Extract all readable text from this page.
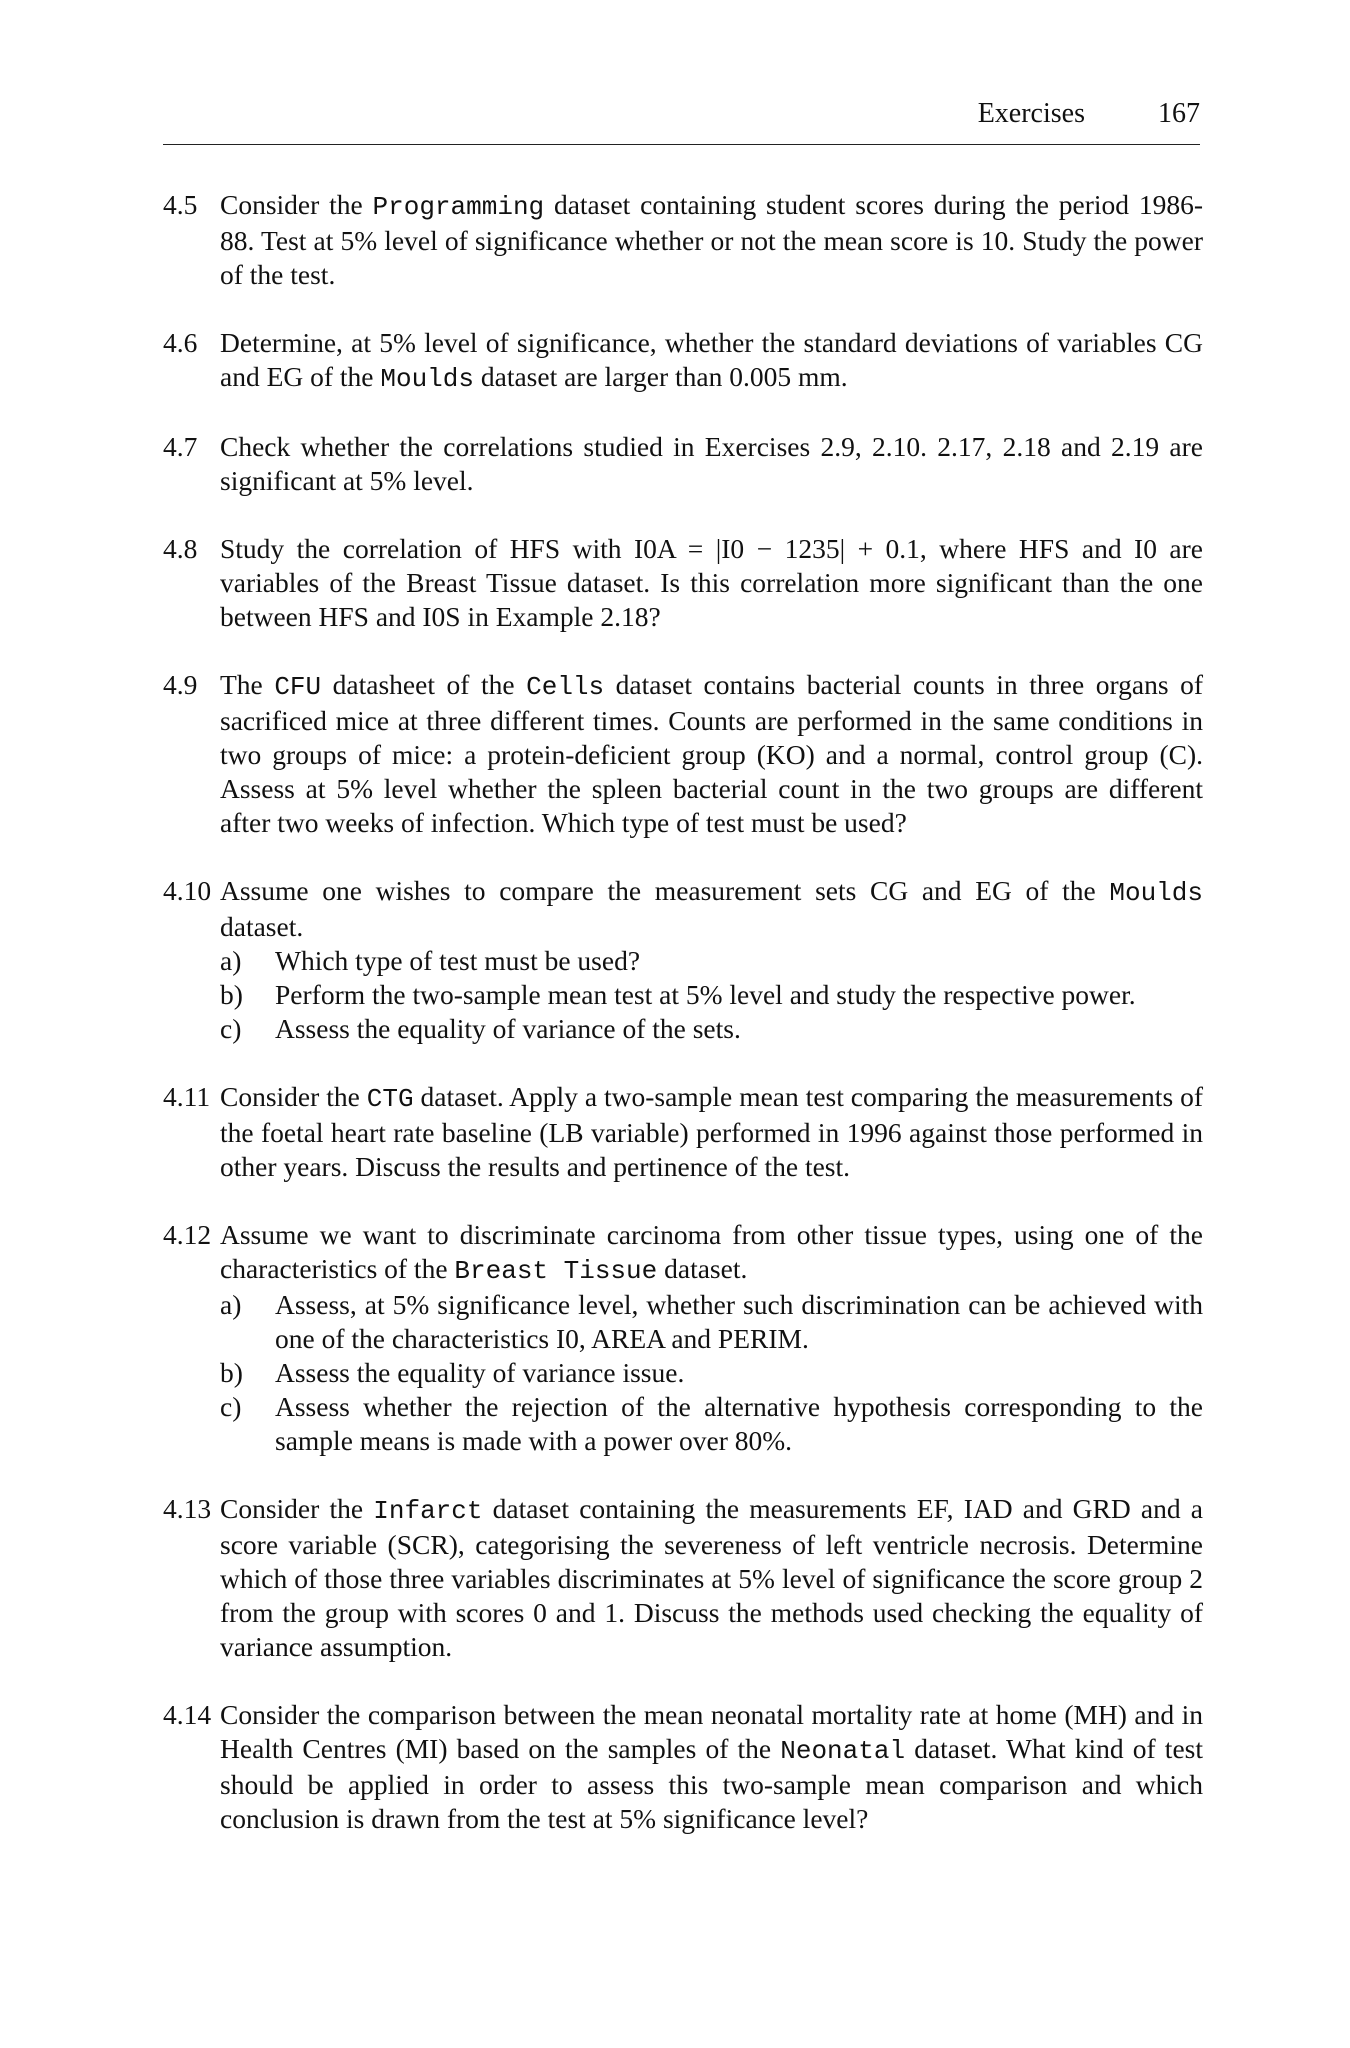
Exercises	167
4.5 Consider the Programming dataset containing student scores during the period 1986-88. Test at 5% level of significance whether or not the mean score is 10. Study the power of the test.
4.6 Determine, at 5% level of significance, whether the standard deviations of variables CG and EG of the Moulds dataset are larger than 0.005 mm.
4.7 Check whether the correlations studied in Exercises 2.9, 2.10. 2.17, 2.18 and 2.19 are significant at 5% level.
4.8 Study the correlation of HFS with I0A = |I0 − 1235| + 0.1, where HFS and I0 are variables of the Breast Tissue dataset. Is this correlation more significant than the one between HFS and I0S in Example 2.18?
4.9 The CFU datasheet of the Cells dataset contains bacterial counts in three organs of sacrificed mice at three different times. Counts are performed in the same conditions in two groups of mice: a protein-deficient group (KO) and a normal, control group (C). Assess at 5% level whether the spleen bacterial count in the two groups are different after two weeks of infection. Which type of test must be used?
4.10 Assume one wishes to compare the measurement sets CG and EG of the Moulds dataset.
a) Which type of test must be used?
b) Perform the two-sample mean test at 5% level and study the respective power.
c) Assess the equality of variance of the sets.
4.11 Consider the CTG dataset. Apply a two-sample mean test comparing the measurements of the foetal heart rate baseline (LB variable) performed in 1996 against those performed in other years. Discuss the results and pertinence of the test.
4.12 Assume we want to discriminate carcinoma from other tissue types, using one of the characteristics of the Breast Tissue dataset.
a) Assess, at 5% significance level, whether such discrimination can be achieved with one of the characteristics I0, AREA and PERIM.
b) Assess the equality of variance issue.
c) Assess whether the rejection of the alternative hypothesis corresponding to the sample means is made with a power over 80%.
4.13 Consider the Infarct dataset containing the measurements EF, IAD and GRD and a score variable (SCR), categorising the severeness of left ventricle necrosis. Determine which of those three variables discriminates at 5% level of significance the score group 2 from the group with scores 0 and 1. Discuss the methods used checking the equality of variance assumption.
4.14 Consider the comparison between the mean neonatal mortality rate at home (MH) and in Health Centres (MI) based on the samples of the Neonatal dataset. What kind of test should be applied in order to assess this two-sample mean comparison and which conclusion is drawn from the test at 5% significance level?
